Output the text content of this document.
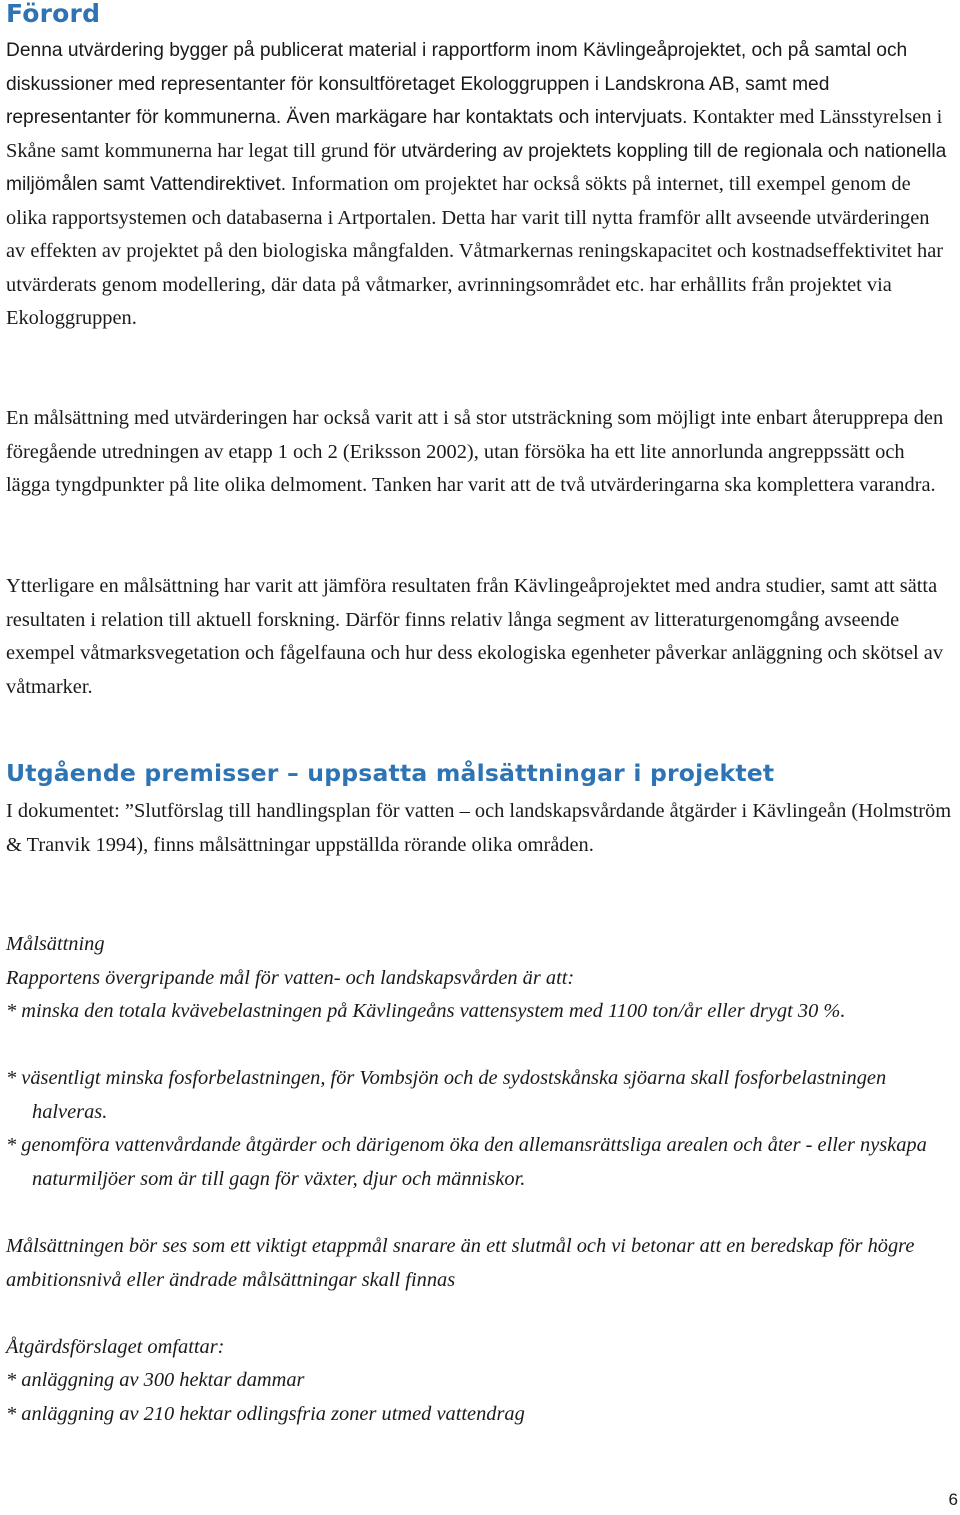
Förord

Denna utvärdering bygger på publicerat material i rapportform inom Kävlingeåprojektet, och på samtal och diskussioner med representanter för konsultföretaget Ekologgruppen i Landskrona AB, samt med representanter för kommunerna. Även markägare har kontaktats och intervjuats. Kontakter med Länsstyrelsen i Skåne samt kommunerna har legat till grund för utvärdering av projektets koppling till de regionala och nationella miljömålen samt Vattendirektivet. Information om projektet har också sökts på internet, till exempel genom de olika rapportsystemen och databaserna i Artportalen. Detta har varit till nytta framför allt avseende utvärderingen av effekten av projektet på den biologiska mångfalden. Våtmarkernas reningskapacitet och kostnadseffektivitet har utvärderats genom modellering, där data på våtmarker, avrinningsområdet etc. har erhållits från projektet via Ekologgruppen.

En målsättning med utvärderingen har också varit att i så stor utsträckning som möjligt inte enbart återupprepa den föregående utredningen av etapp 1 och 2 (Eriksson 2002), utan försöka ha ett lite annorlunda angreppssätt och lägga tyngdpunkter på lite olika delmoment. Tanken har varit att de två utvärderingarna ska komplettera varandra.

Ytterligare en målsättning har varit att jämföra resultaten från Kävlingeåprojektet med andra studier, samt att sätta resultaten i relation till aktuell forskning. Därför finns relativ långa segment av litteraturgenomgång avseende exempel våtmarksvegetation och fågelfauna och hur dess ekologiska egenheter påverkar anläggning och skötsel av våtmarker.

Utgående premisser – uppsatta målsättningar i projektet

I dokumentet: ”Slutförslag till handlingsplan för vatten – och landskapsvårdande åtgärder i Kävlingeån (Holmström & Tranvik 1994), finns målsättningar uppställda rörande olika områden.

Målsättning

Rapportens övergripande mål för vatten- och landskapsvården är att:

* minska den totala kvävebelastningen på Kävlingeåns vattensystem med 1100 ton/år eller drygt 30 %.

* väsentligt minska fosforbelastningen, för Vombsjön och de sydostskånska sjöarna skall fosforbelastningen halveras.

* genomföra vattenvårdande åtgärder och därigenom öka den allemansrättsliga arealen och åter - eller nyskapa naturmiljöer som är till gagn för växter, djur och människor.

Målsättningen bör ses som ett viktigt etappmål snarare än ett slutmål och vi betonar att en beredskap för högre ambitionsnivå eller ändrade målsättningar skall finnas

Åtgärdsförslaget omfattar:

* anläggning av 300 hektar dammar

* anläggning av 210 hektar odlingsfria zoner utmed vattendrag

6
